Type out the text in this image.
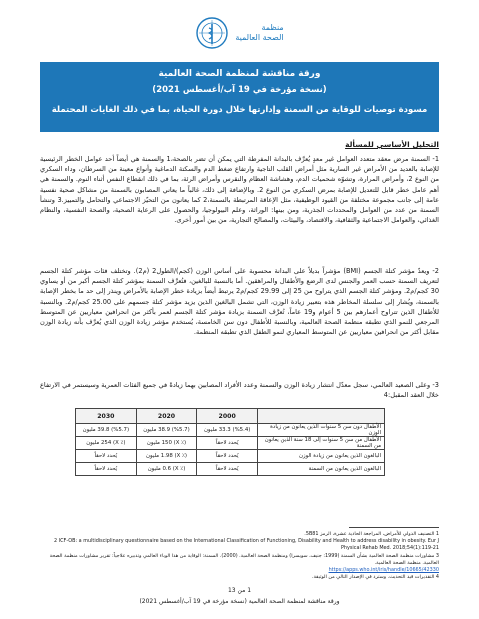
منظمة
الصحة العالمية
ورقة مناقشة لمنظمة الصحة العالمية
(نسخة مؤرخة في 19 آب/أغسطس 2021)
مسودة توصيات للوقاية من السمنة وإدارتها خلال دورة الحياة، بما في ذلك الغايات المحتملة
التحليل الأساسي للمسألة
1- السمنة مرض معقد متعدد العوامل غير معدٍ يُعرَّف بالبدانة المفرطة التي يمكن أن تضر بالصحة،1 والسمنة هي أيضاً أحد عوامل الخطر الرئيسية للإصابة بالعديد من الأمراض غير السارية مثل أمراض القلب التاجية وارتفاع ضغط الدم والسكتة الدماغية وأنواع معينة من السرطان، وداء السكري من النوع 2، وأمراض المرارة، وتشوّه شحميات الدم، وهشاشة العظام والنقرس وأمراض الرئة، بما في ذلك انقطاع النفس أثناء النوم. والسمنة هي أهم عامل خطر قابل للتعديل للإصابة بمرض السكري من النوع 2. وبالإضافة إلى ذلك، غالباً ما يعاني المصابون بالسمنة من مشاكل صحية نفسية عامة إلى جانب مجموعة مختلفة من القيود الوظيفية، مثل الإعاقة المرتبطة بالسمنة،2 كما يعانون من التحيّز الاجتماعي والتحامل والتمييز.3 وتنشأ السمنة من عدد من العوامل والمحددات الجذرية، ومن بينها: الوراثة، وعلم البيولوجيا، والحصول على الرعاية الصحية، والصحة النفسية، والنظام الغذائي، والعوامل الاجتماعية والثقافية، والاقتصاد، والبيئات، والمصالح التجارية، من بين أمور أخرى.
2- ويعدّ مؤشر كتلة الجسم (BMI) مؤشراً بديلاً على البدانة محسوبة على أساس الوزن (كجم)/الطول2 (م2). وتختلف فئات مؤشر كتلة الجسم لتعريف السمنة حسب العمر والجنس لدى الرضع والأطفال والمراهقين. أما بالنسبة للبالغين، فتُعرَّف السمنة بمؤشر كتلة الجسم أكبر من أو يساوي 30 كجم/م2. ومؤشر كتلة الجسم الذي يتراوح من 25 إلى 29.99 كجم/م2 يرتبط أيضاً بزيادة خطر الإصابة بالأمراض وينذر إلى حد ما بخطر الإصابة بالسمنة، ويُشار إلى سلسلة المخاطر هذه بتعبير زيادة الوزن، التي تشمل البالغين الذين يزيد مؤشر كتلة جسمهم على 25.00 كجم/م2. وبالنسبة للأطفال الذين تتراوح أعمارهم بين 5 أعوام و19 عاماً، تُعرَّف السمنة بزيادة مؤشر كتلة الجسم لعمر بأكثر من انحرافين معياريين عن المتوسط المرجعي للنمو الذي تطبقه منظمة الصحة العالمية، وبالنسبة للأطفال دون سن الخامسة، يُستخدم مؤشر زيادة الوزن الذي يُعرَّف بأنه زيادة الوزن مقابل أكثر من انحرافين معياريين عن المتوسط المعياري لنمو الطفل الذي تطبقه المنظمة.
3- وعلى الصعيد العالمي، سجل معدّل انتشار زيادة الوزن والسمنة وعدد الأفراد المصابين بهما زيادةً في جميع الفئات العمرية وسيستمر في الارتفاع خلال العقد المقبل:4
	2000	2020	2030
الأطفال دون سن 5 سنوات الذين يعانون من زيادة الوزن	(%5.4) 33.3 مليون	(%5.7) 38.9 مليون	(%5.7) 39.8 مليون
الأطفال من سن 5 سنوات إلى 18 سنة الذين يعانون من السمنة	يُحدد لاحقاً	(٪ X) 150 مليون	(٪ X) 254 مليون
البالغون الذين يعانون من زيادة الوزن	يُحدد لاحقاً	(٪ X) 1.98 مليون	يُحدد لاحقاً
البالغون الذين يعانون من السمنة	يُحدد لاحقاً	(٪ X) 0.6 مليون	يُحدد لاحقاً
1 التصنيف الدولي للأمراض، المراجعة الحادية عشرة، الرمز 5B81.
2 ICF-OB: a multidisciplinary questionnaire based on the International Classification of Functioning, Disability and Health to address disability in obesity. Eur J Physical Rehab Med. 2018;54(1):119-21
3 مشاورات منظمة الصحة العالمية بشأن السمنة (1999: جنيف، سويسرا) ومنظمة الصحة العالمية. (2000). السمنة: الوقاية من هذا الوباء العالمي وتدبيره علاجياً: تقرير مشاورات منظمة الصحة العالمية. منظمة الصحة العالمية.
https://apps.who.int/iris/handle/10665/42330
4 التقديرات قيد التحديث. وسترد في الإصدار التالي من الوثيقة.
1 من 13
ورقة مناقشة لمنظمة الصحة العالمية (نسخة مؤرخة في 19 آب/أغسطس 2021)
